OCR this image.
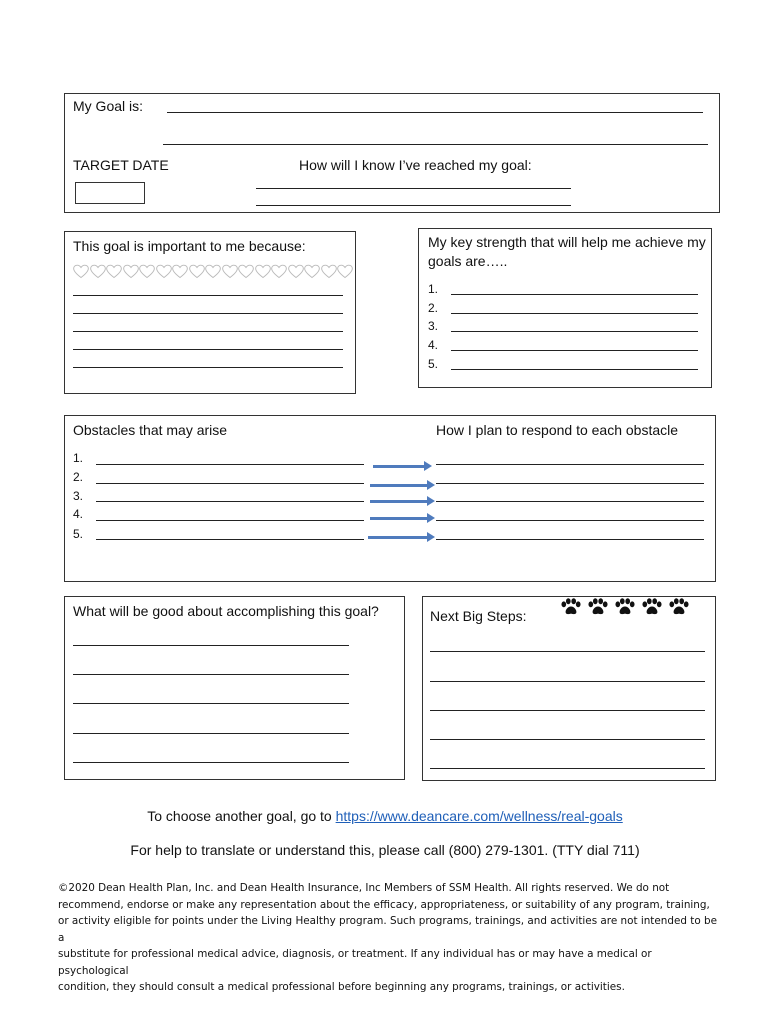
My Goal is:
TARGET DATE	How will I know I’ve reached my goal:
This goal is important to me because:	My key strength that will help me achieve my
goals are…..
1.
2.
3.
4.
5.
Obstacles that may arise	How I plan to respond to each obstacle
1.
2.
3.
4.
5.
What will be good about accomplishing this goal?	Next Big Steps:
To choose another goal, go to https://www.deancare.com/wellness/real-goals
For help to translate or understand this, please call (800) 279-1301. (TTY dial 711)
©2020 Dean Health Plan, Inc. and Dean Health Insurance, Inc Members of SSM Health. All rights reserved. We do not
recommend, endorse or make any representation about the efficacy, appropriateness, or suitability of any program, training,
or activity eligible for points under the Living Healthy program. Such programs, trainings, and activities are not intended to be a
substitute for professional medical advice, diagnosis, or treatment. If any individual has or may have a medical or psychological
condition, they should consult a medical professional before beginning any programs, trainings, or activities.
